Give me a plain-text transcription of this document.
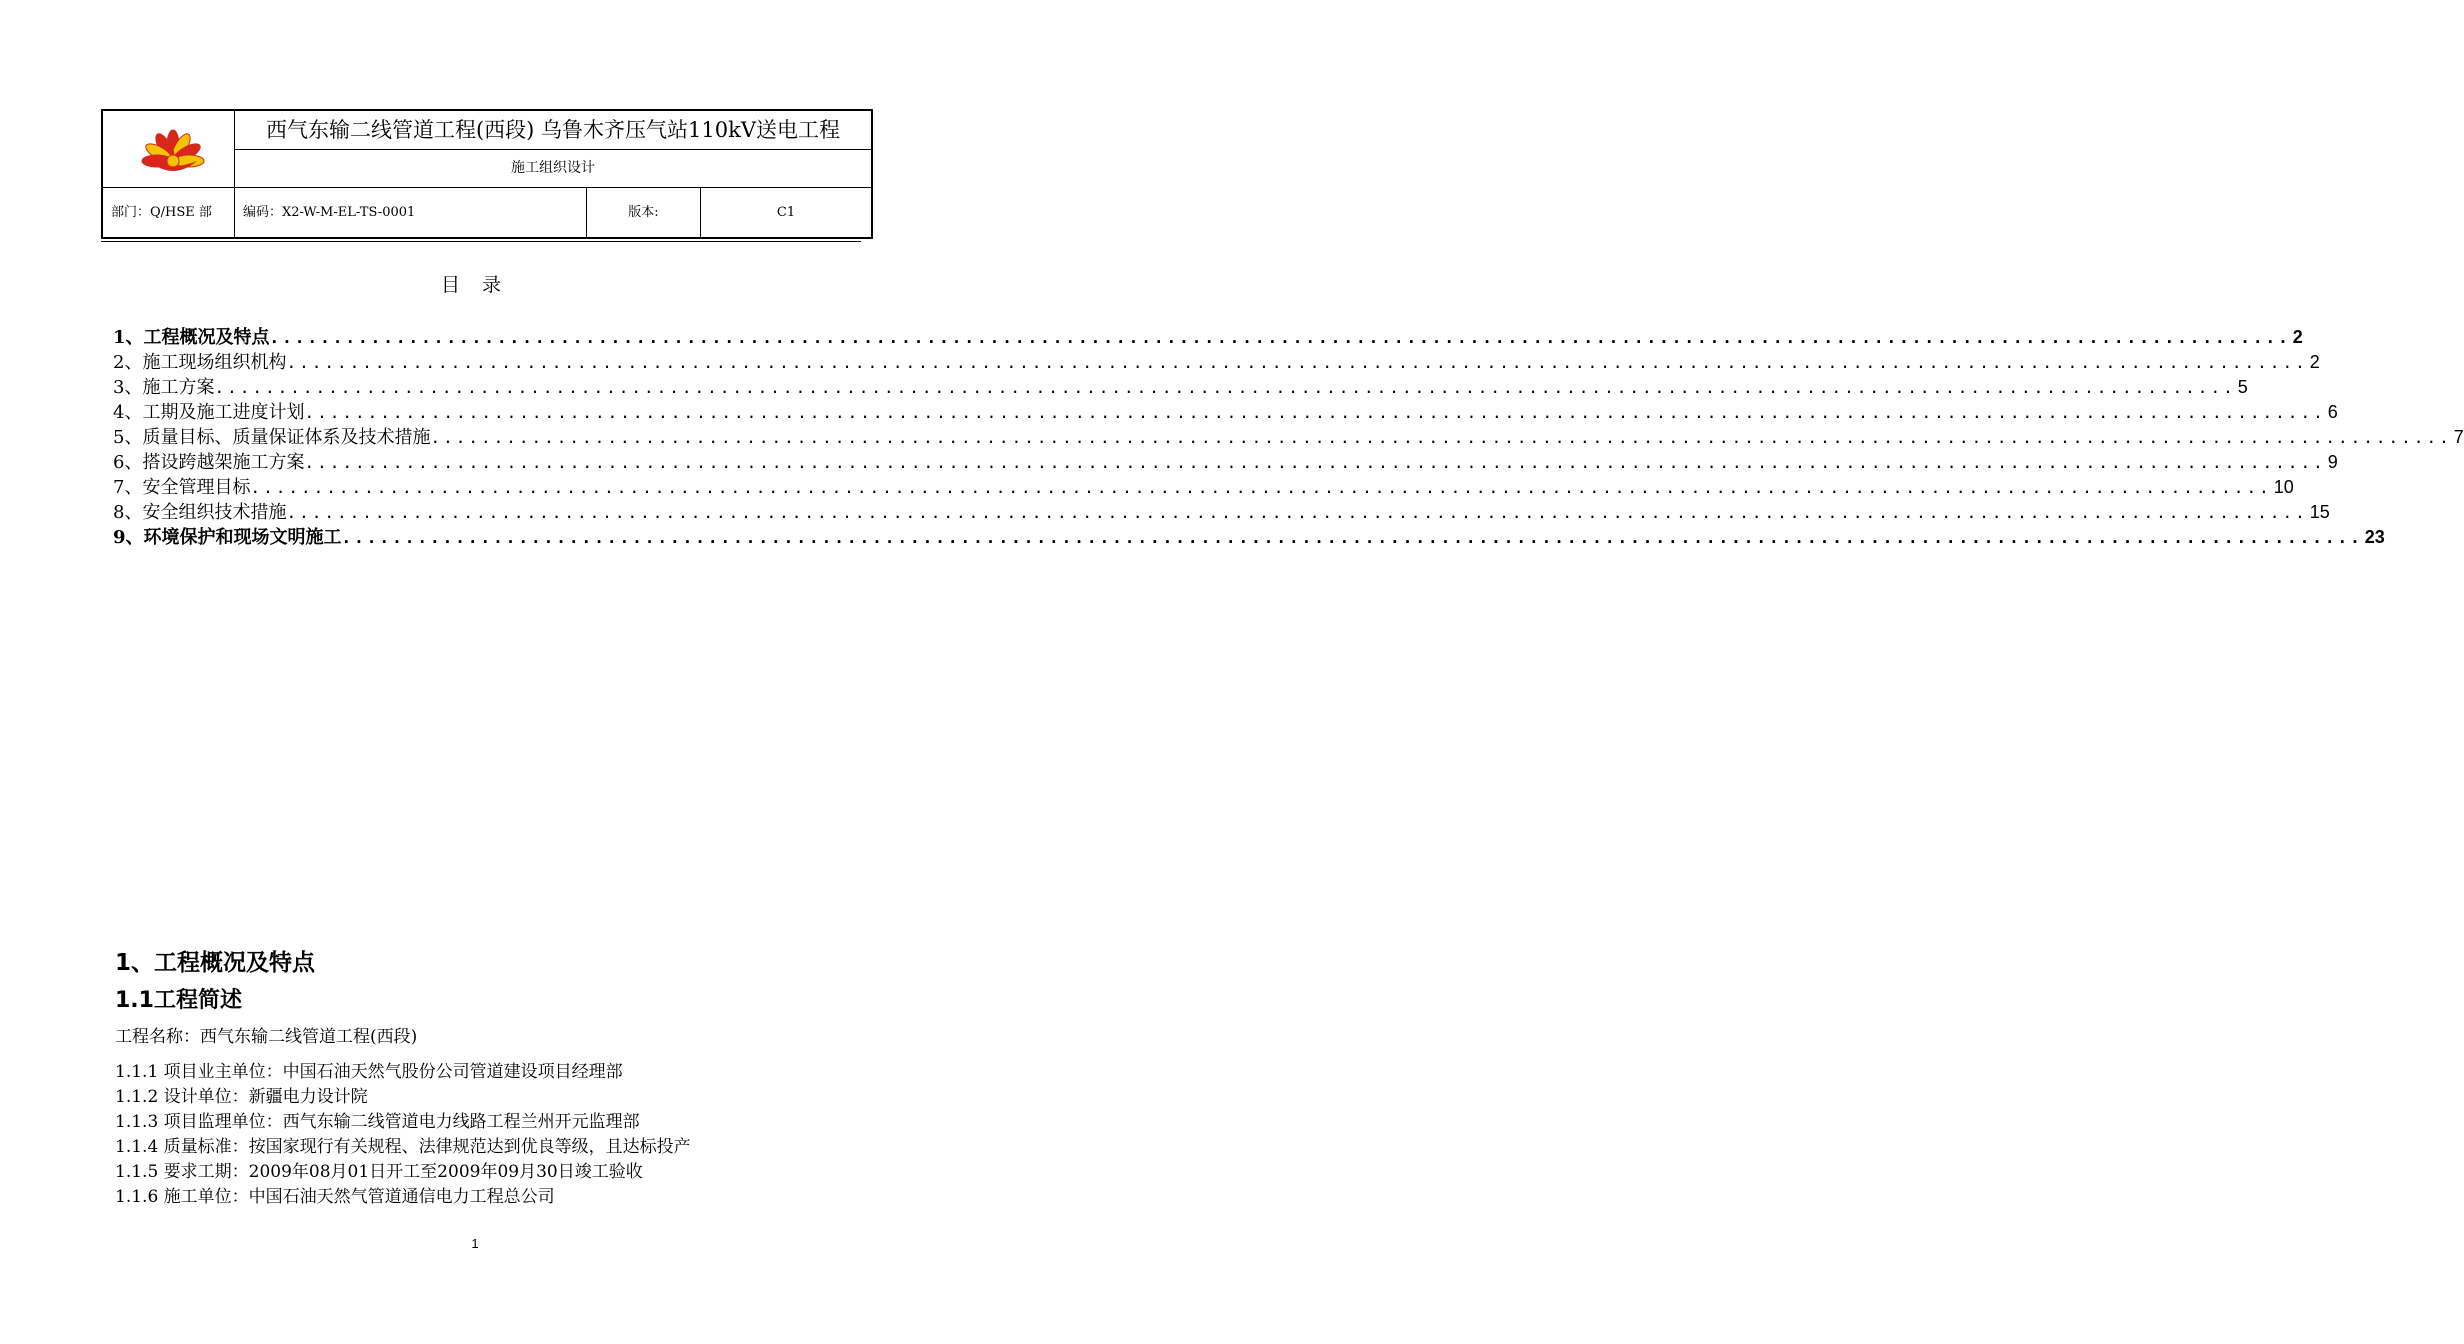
西气东输二线管道工程(西段) 乌鲁木齐压气站110kV送电工程
施工组织设计
部门：Q/HSE 部	编码：X2-W-M-EL-TS-0001	版本:	C1
目 录
1、工程概况及特点 ................................................................................................................................................................ 2
2、施工现场组织机构 ................................................................................................................................................................ 2
3、施工方案 ................................................................................................................................................................ 5
4、工期及施工进度计划 ................................................................................................................................................................ 6
5、质量目标、质量保证体系及技术措施 ................................................................................................................................................................ 7
6、搭设跨越架施工方案 ................................................................................................................................................................ 9
7、安全管理目标 ................................................................................................................................................................ 10
8、安全组织技术措施 ................................................................................................................................................................ 15
9、环境保护和现场文明施工 ................................................................................................................................................................ 23
1、工程概况及特点
1.1工程简述
工程名称：西气东输二线管道工程(西段)
1.1.1 项目业主单位：中国石油天然气股份公司管道建设项目经理部
1.1.2 设计单位：新疆电力设计院
1.1.3 项目监理单位：西气东输二线管道电力线路工程兰州开元监理部
1.1.4 质量标准：按国家现行有关规程、法律规范达到优良等级，且达标投产
1.1.5 要求工期：2009年08月01日开工至2009年09月30日竣工验收
1.1.6 施工单位：中国石油天然气管道通信电力工程总公司
1
